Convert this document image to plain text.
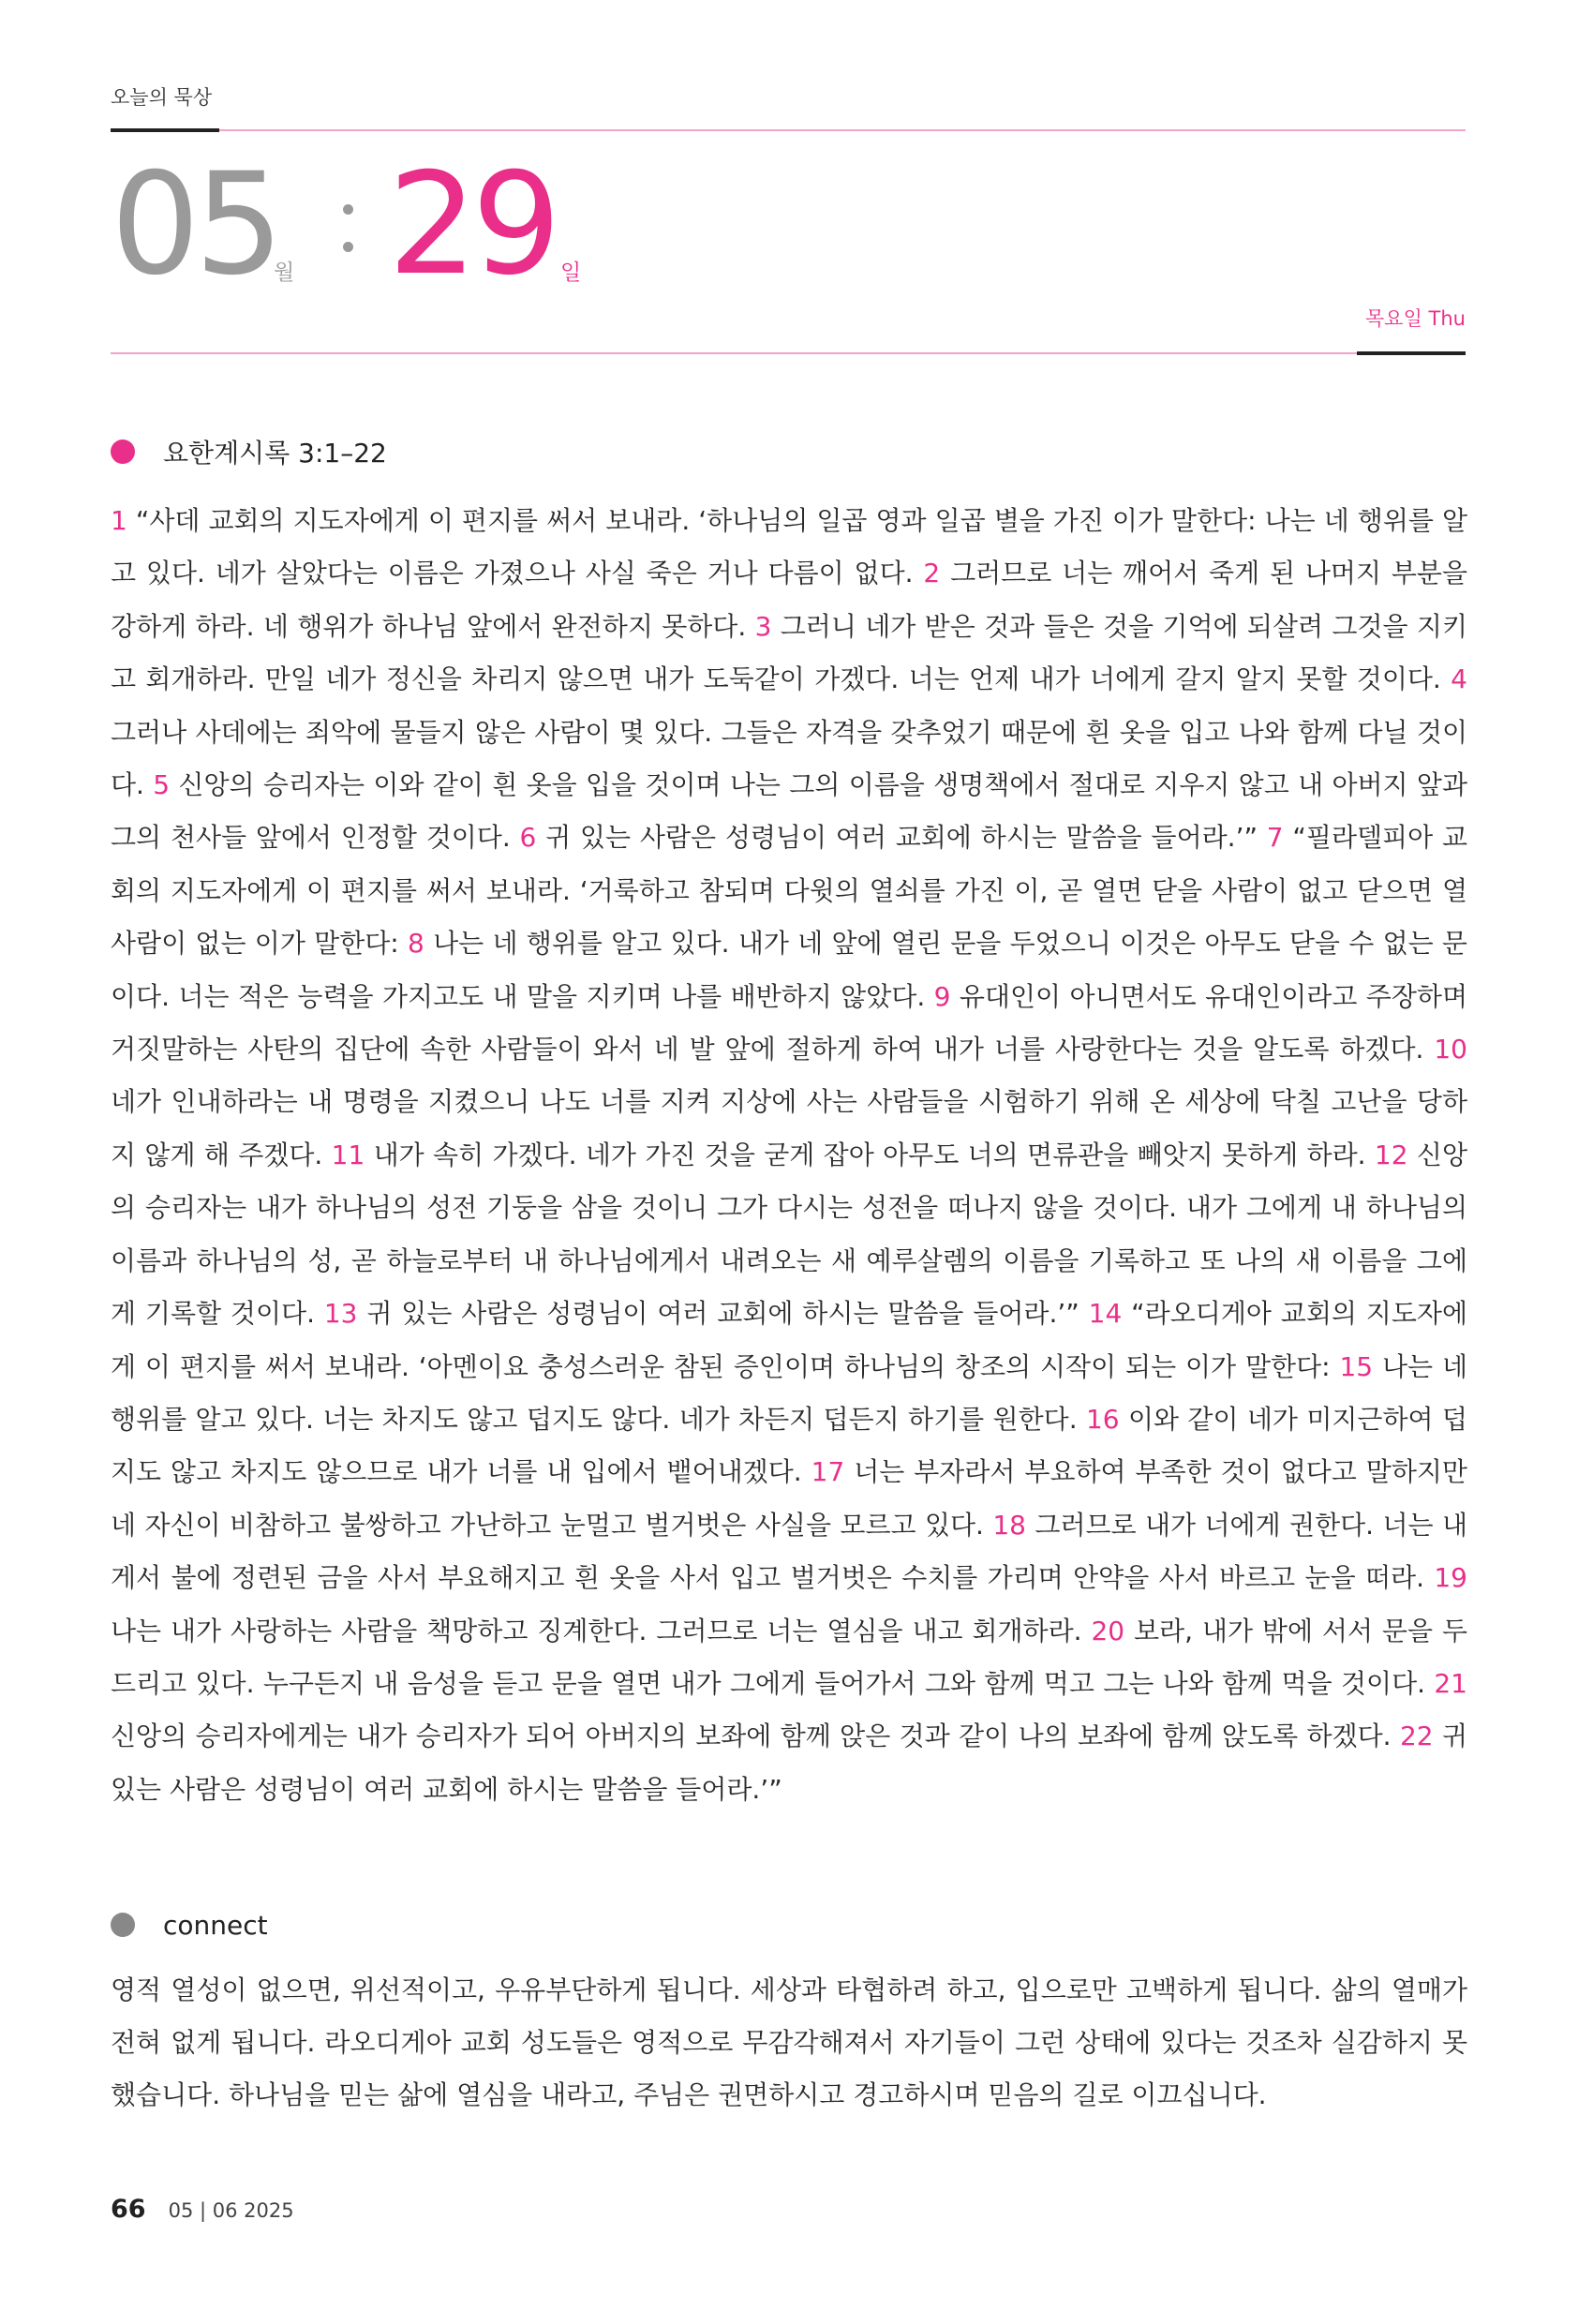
오늘의 묵상
05
월 29 일
목요일 Thu
요한계시록 3:1–22

1 “사데 교회의 지도자에게 이 편지를 써서 보내라. ‘하나님의 일곱 영과 일곱 별을 가진 이가 말한다: 나는 네 행위를 알고 있다. 네가 살았다는 이름은 가졌으나 사실 죽은 거나 다름이 없다. 2 그러므로 너는 깨어서 죽게 된 나머지 부분을 강하게 하라. 네 행위가 하나님 앞에서 완전하지 못하다. 3 그러니 네가 받은 것과 들은 것을 기억에 되살려 그것을 지키고 회개하라. 만일 네가 정신을 차리지 않으면 내가 도둑같이 가겠다. 너는 언제 내가 너에게 갈지 알지 못할 것이다. 4 그러나 사데에는 죄악에 물들지 않은 사람이 몇 있다. 그들은 자격을 갖추었기 때문에 흰 옷을 입고 나와 함께 다닐 것이다. 5 신앙의 승리자는 이와 같이 흰 옷을 입을 것이며 나는 그의 이름을 생명책에서 절대로 지우지 않고 내 아버지 앞과 그의 천사들 앞에서 인정할 것이다. 6 귀 있는 사람은 성령님이 여러 교회에 하시는 말씀을 들어라.’” 7 “필라델피아 교회의 지도자에게 이 편지를 써서 보내라. ‘거룩하고 참되며 다윗의 열쇠를 가진 이, 곧 열면 닫을 사람이 없고 닫으면 열 사람이 없는 이가 말한다: 8 나는 네 행위를 알고 있다. 내가 네 앞에 열린 문을 두었으니 이것은 아무도 닫을 수 없는 문이다. 너는 적은 능력을 가지고도 내 말을 지키며 나를 배반하지 않았다. 9 유대인이 아니면서도 유대인이라고 주장하며 거짓말하는 사탄의 집단에 속한 사람들이 와서 네 발 앞에 절하게 하여 내가 너를 사랑한다는 것을 알도록 하겠다. 10 네가 인내하라는 내 명령을 지켰으니 나도 너를 지켜 지상에 사는 사람들을 시험하기 위해 온 세상에 닥칠 고난을 당하지 않게 해 주겠다. 11 내가 속히 가겠다. 네가 가진 것을 굳게 잡아 아무도 너의 면류관을 빼앗지 못하게 하라. 12 신앙의 승리자는 내가 하나님의 성전 기둥을 삼을 것이니 그가 다시는 성전을 떠나지 않을 것이다. 내가 그에게 내 하나님의 이름과 하나님의 성, 곧 하늘로부터 내 하나님에게서 내려오는 새 예루살렘의 이름을 기록하고 또 나의 새 이름을 그에게 기록할 것이다. 13 귀 있는 사람은 성령님이 여러 교회에 하시는 말씀을 들어라.’” 14 “라오디게아 교회의 지도자에게 이 편지를 써서 보내라. ‘아멘이요 충성스러운 참된 증인이며 하나님의 창조의 시작이 되는 이가 말한다: 15 나는 네 행위를 알고 있다. 너는 차지도 않고 덥지도 않다. 네가 차든지 덥든지 하기를 원한다. 16 이와 같이 네가 미지근하여 덥지도 않고 차지도 않으므로 내가 너를 내 입에서 뱉어내겠다. 17 너는 부자라서 부요하여 부족한 것이 없다고 말하지만 네 자신이 비참하고 불쌍하고 가난하고 눈멀고 벌거벗은 사실을 모르고 있다. 18 그러므로 내가 너에게 권한다. 너는 내게서 불에 정련된 금을 사서 부요해지고 흰 옷을 사서 입고 벌거벗은 수치를 가리며 안약을 사서 바르고 눈을 떠라. 19 나는 내가 사랑하는 사람을 책망하고 징계한다. 그러므로 너는 열심을 내고 회개하라. 20 보라, 내가 밖에 서서 문을 두드리고 있다. 누구든지 내 음성을 듣고 문을 열면 내가 그에게 들어가서 그와 함께 먹고 그는 나와 함께 먹을 것이다. 21 신앙의 승리자에게는 내가 승리자가 되어 아버지의 보좌에 함께 앉은 것과 같이 나의 보좌에 함께 앉도록 하겠다. 22 귀 있는 사람은 성령님이 여러 교회에 하시는 말씀을 들어라.’”

connect

영적 열성이 없으면, 위선적이고, 우유부단하게 됩니다. 세상과 타협하려 하고, 입으로만 고백하게 됩니다. 삶의 열매가 전혀 없게 됩니다. 라오디게아 교회 성도들은 영적으로 무감각해져서 자기들이 그런 상태에 있다는 것조차 실감하지 못했습니다. 하나님을 믿는 삶에 열심을 내라고, 주님은 권면하시고 경고하시며 믿음의 길로 이끄십니다.

66 05 | 06 2025
